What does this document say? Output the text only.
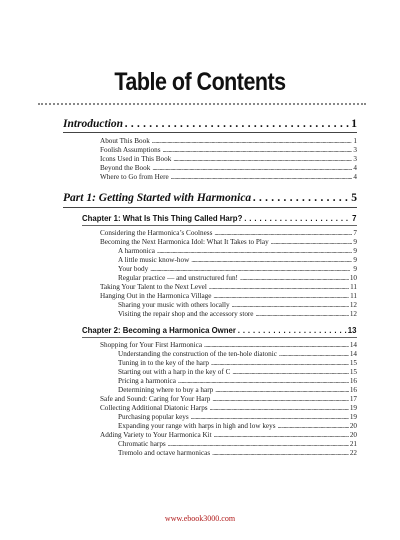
Table of Contents
Introduction . . .	1
About This Book . . .	1
Foolish Assumptions . . .	3
Icons Used in This Book . . .	3
Beyond the Book . . .	4
Where to Go from Here . . .	4
Part 1: Getting Started with Harmonica . . .	5
Chapter 1: What Is This Thing Called Harp? . . .	7
Considering the Harmonica’s Coolness . . .	7
Becoming the Next Harmonica Idol: What It Takes to Play . . .	9
A harmonica . . .	9
A little music know-how . . .	9
Your body . . .	9
Regular practice — and unstructured fun! . . .	10
Taking Your Talent to the Next Level . . .	11
Hanging Out in the Harmonica Village . . .	11
Sharing your music with others locally . . .	12
Visiting the repair shop and the accessory store . . .	12
Chapter 2: Becoming a Harmonica Owner . . .	13
Shopping for Your First Harmonica . . .	14
Understanding the construction of the ten-hole diatonic . . .	14
Tuning in to the key of the harp . . .	15
Starting out with a harp in the key of C . . .	15
Pricing a harmonica . . .	16
Determining where to buy a harp . . .	16
Safe and Sound: Caring for Your Harp . . .	17
Collecting Additional Diatonic Harps . . .	19
Purchasing popular keys . . .	19
Expanding your range with harps in high and low keys . . .	20
Adding Variety to Your Harmonica Kit . . .	20
Chromatic harps . . .	21
Tremolo and octave harmonicas . . .	22
www.ebook3000.com
